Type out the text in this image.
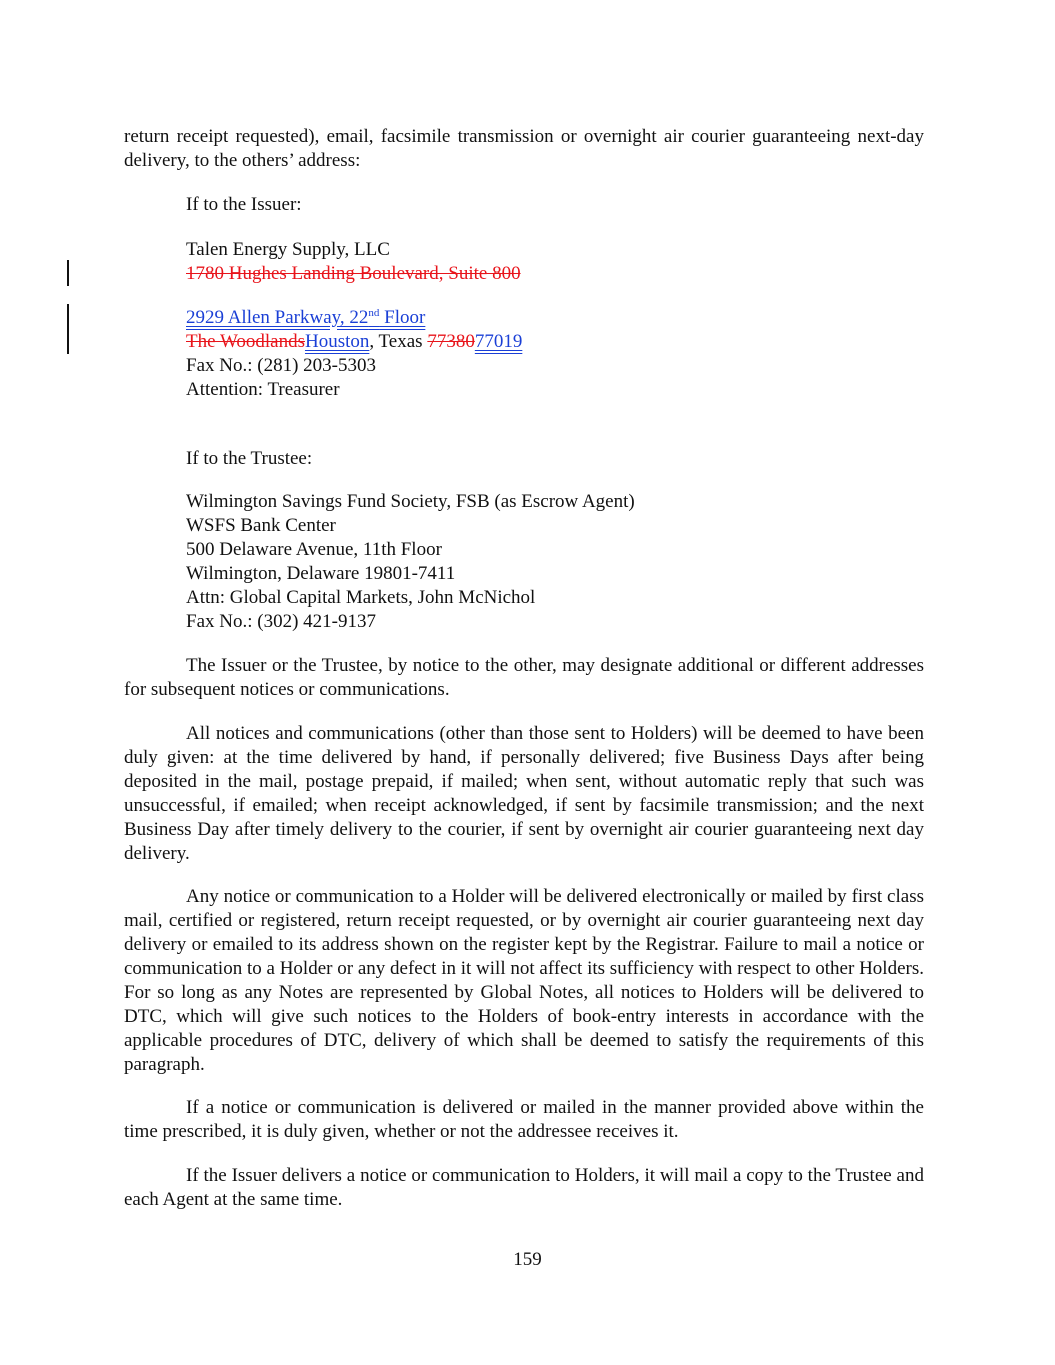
return receipt requested), email, facsimile transmission or overnight air courier guaranteeing next-day delivery, to the others’ address:

If to the Issuer:

Talen Energy Supply, LLC
1780 Hughes Landing Boulevard, Suite 800
2929 Allen Parkway, 22nd Floor
The WoodlandsHouston, Texas 7738077019
Fax No.: (281) 203-5303
Attention: Treasurer

If to the Trustee:

Wilmington Savings Fund Society, FSB (as Escrow Agent)
WSFS Bank Center
500 Delaware Avenue, 11th Floor
Wilmington, Delaware 19801-7411
Attn: Global Capital Markets, John McNichol
Fax No.: (302) 421-9137

The Issuer or the Trustee, by notice to the other, may designate additional or different addresses for subsequent notices or communications.

All notices and communications (other than those sent to Holders) will be deemed to have been duly given: at the time delivered by hand, if personally delivered; five Business Days after being deposited in the mail, postage prepaid, if mailed; when sent, without automatic reply that such was unsuccessful, if emailed; when receipt acknowledged, if sent by facsimile transmission; and the next Business Day after timely delivery to the courier, if sent by overnight air courier guaranteeing next day delivery.

Any notice or communication to a Holder will be delivered electronically or mailed by first class mail, certified or registered, return receipt requested, or by overnight air courier guaranteeing next day delivery or emailed to its address shown on the register kept by the Registrar. Failure to mail a notice or communication to a Holder or any defect in it will not affect its sufficiency with respect to other Holders. For so long as any Notes are represented by Global Notes, all notices to Holders will be delivered to DTC, which will give such notices to the Holders of book-entry interests in accordance with the applicable procedures of DTC, delivery of which shall be deemed to satisfy the requirements of this paragraph.

If a notice or communication is delivered or mailed in the manner provided above within the time prescribed, it is duly given, whether or not the addressee receives it.

If the Issuer delivers a notice or communication to Holders, it will mail a copy to the Trustee and each Agent at the same time.

159
